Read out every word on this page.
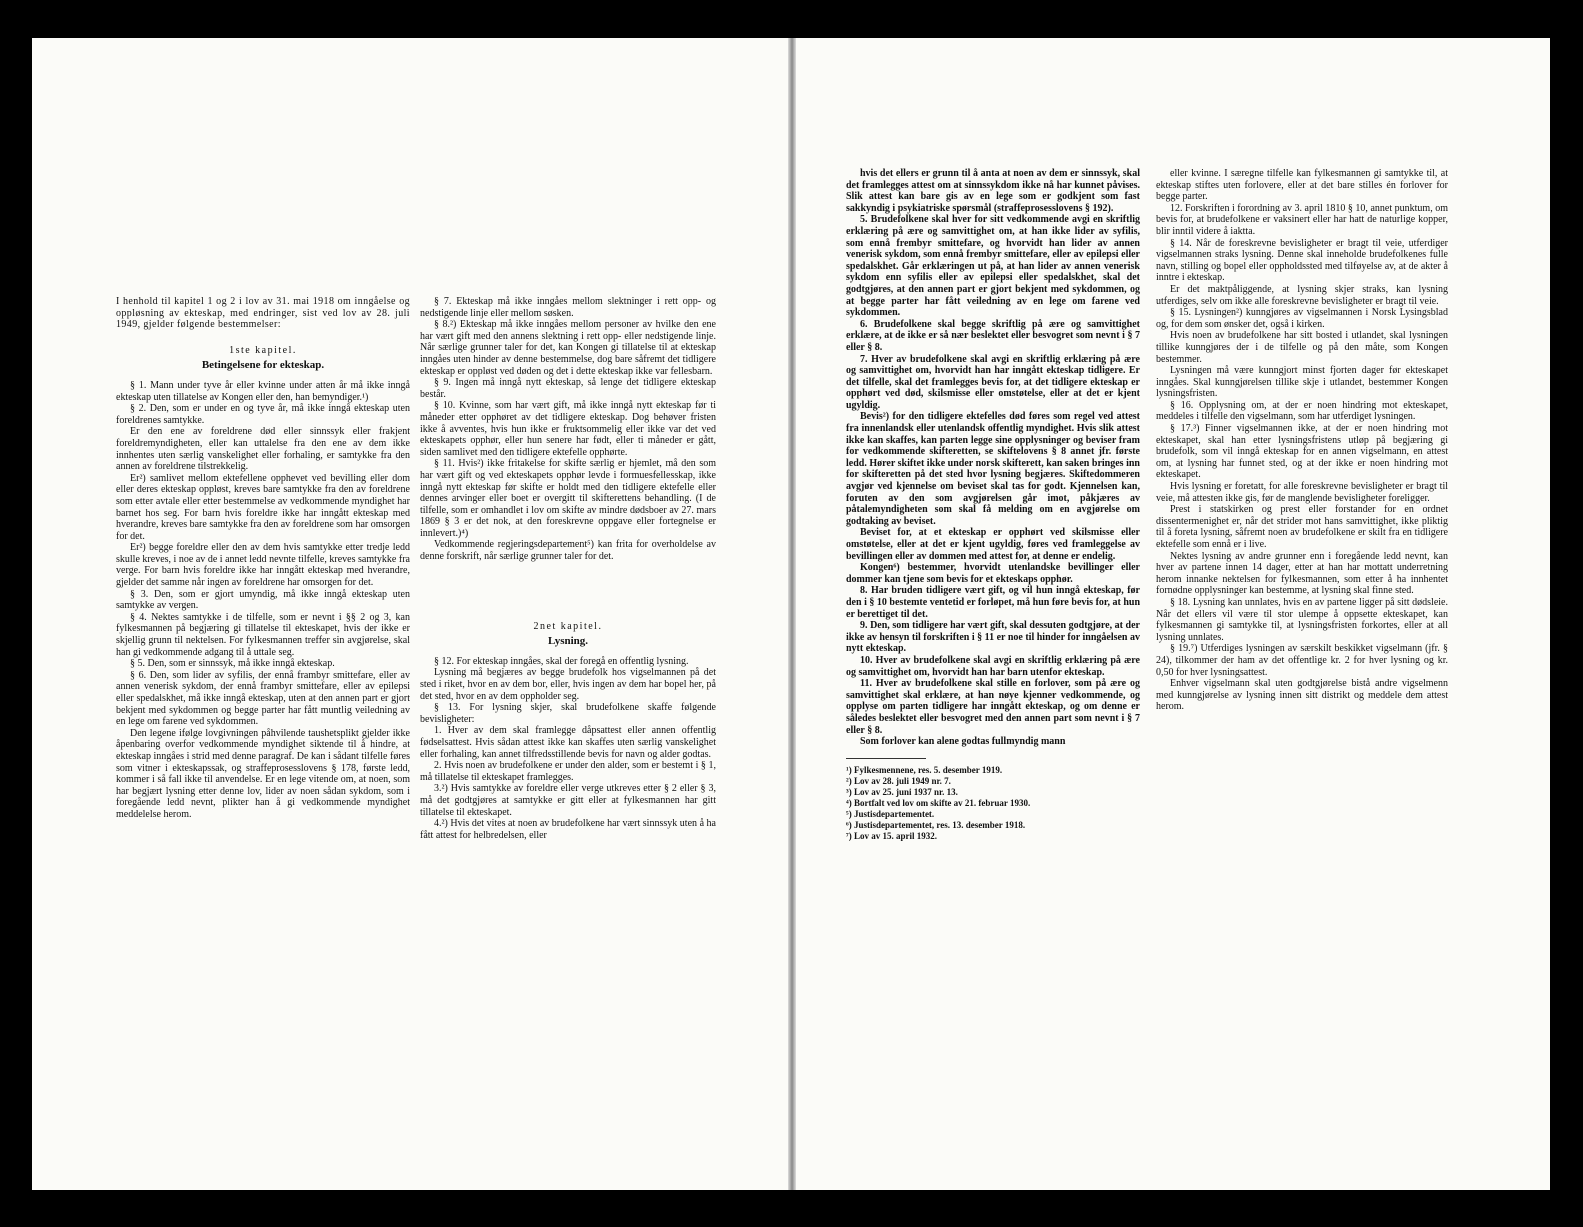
I henhold til kapitel 1 og 2 i lov av 31. mai 1918 om inngåelse og oppløsning av ekteskap, med endringer, sist ved lov av 28. juli 1949, gjelder følgende bestemmelser:

1ste kapitel.

Betingelsene for ekteskap.

§ 1. Mann under tyve år eller kvinne under atten år må ikke inngå ekteskap uten tillatelse av Kongen eller den, han bemyndiger.¹)

§ 2. Den, som er under en og tyve år, må ikke inngå ekteskap uten foreldrenes samtykke.

Er den ene av foreldrene død eller sinnssyk eller frakjent foreldremyndigheten, eller kan uttalelse fra den ene av dem ikke innhentes uten særlig vanskelighet eller forhaling, er samtykke fra den annen av foreldrene tilstrekkelig.

Er²) samlivet mellom ektefellene opphevet ved bevilling eller dom eller deres ekteskap oppløst, kreves bare samtykke fra den av foreldrene som etter avtale eller etter bestemmelse av vedkommende myndighet har barnet hos seg. For barn hvis foreldre ikke har inngått ekteskap med hverandre, kreves bare samtykke fra den av foreldrene som har omsorgen for det.

Er²) begge foreldre eller den av dem hvis samtykke etter tredje ledd skulle kreves, i noe av de i annet ledd nevnte tilfelle, kreves samtykke fra verge. For barn hvis foreldre ikke har inngått ekteskap med hverandre, gjelder det samme når ingen av foreldrene har omsorgen for det.

§ 3. Den, som er gjort umyndig, må ikke inngå ekteskap uten samtykke av vergen.

§ 4. Nektes samtykke i de tilfelle, som er nevnt i §§ 2 og 3, kan fylkesmannen på begjæring gi tillatelse til ekteskapet, hvis der ikke er skjellig grunn til nektelsen. For fylkesmannen treffer sin avgjørelse, skal han gi vedkommende adgang til å uttale seg.

§ 5. Den, som er sinnssyk, må ikke inngå ekteskap.

§ 6. Den, som lider av syfilis, der ennå frambyr smittefare, eller av annen venerisk sykdom, der ennå frambyr smittefare, eller av epilepsi eller spedalskhet, må ikke inngå ekteskap, uten at den annen part er gjort bekjent med sykdommen og begge parter har fått muntlig veiledning av en lege om farene ved sykdommen.

Den legene ifølge lovgivningen påhvilende taushetsplikt gjelder ikke åpenbaring overfor vedkommende myndighet siktende til å hindre, at ekteskap inngåes i strid med denne paragraf. De kan i sådant tilfelle føres som vitner i ekteskapssak, og straffeprosesslovens § 178, første ledd, kommer i så fall ikke til anvendelse. Er en lege vitende om, at noen, som har begjært lysning etter denne lov, lider av noen sådan sykdom, som i foregående ledd nevnt, plikter han å gi vedkommende myndighet meddelelse herom.

§ 7. Ekteskap må ikke inngåes mellom slektninger i rett opp- og nedstigende linje eller mellom søsken.

§ 8.²) Ekteskap må ikke inngåes mellom personer av hvilke den ene har vært gift med den annens slektning i rett opp- eller nedstigende linje. Når særlige grunner taler for det, kan Kongen gi tillatelse til at ekteskap inngåes uten hinder av denne bestemmelse, dog bare såfremt det tidligere ekteskap er oppløst ved døden og det i dette ekteskap ikke var fellesbarn.

§ 9. Ingen må inngå nytt ekteskap, så lenge det tidligere ekteskap består.

§ 10. Kvinne, som har vært gift, må ikke inngå nytt ekteskap før ti måneder etter opphøret av det tidligere ekteskap. Dog behøver fristen ikke å avventes, hvis hun ikke er fruktsommelig eller ikke var det ved ekteskapets opphør, eller hun senere har født, eller ti måneder er gått, siden samlivet med den tidligere ektefelle opphørte.

§ 11. Hvis²) ikke fritakelse for skifte særlig er hjemlet, må den som har vært gift og ved ekteskapets opphør levde i formuesfellesskap, ikke inngå nytt ekteskap før skifte er holdt med den tidligere ektefelle eller dennes arvinger eller boet er overgitt til skifterettens behandling. (I de tilfelle, som er omhandlet i lov om skifte av mindre dødsboer av 27. mars 1869 § 3 er det nok, at den foreskrevne oppgave eller fortegnelse er innlevert.)⁴)

Vedkommende regjeringsdepartement⁵) kan frita for overholdelse av denne forskrift, når særlige grunner taler for det.

2net kapitel.

Lysning.

§ 12. For ekteskap inngåes, skal der foregå en offentlig lysning.

Lysning må begjæres av begge brudefolk hos vigselmannen på det sted i riket, hvor en av dem bor, eller, hvis ingen av dem har bopel her, på det sted, hvor en av dem oppholder seg.

§ 13. For lysning skjer, skal brudefolkene skaffe følgende bevisligheter:

1. Hver av dem skal framlegge dåpsattest eller annen offentlig fødselsattest. Hvis sådan attest ikke kan skaffes uten særlig vanskelighet eller forhaling, kan annet tilfredsstillende bevis for navn og alder godtas.

2. Hvis noen av brudefolkene er under den alder, som er bestemt i § 1, må tillatelse til ekteskapet framlegges.

3.²) Hvis samtykke av foreldre eller verge utkreves etter § 2 eller § 3, må det godtgjøres at samtykke er gitt eller at fylkesmannen har gitt tillatelse til ekteskapet.

4.²) Hvis det vites at noen av brudefolkene har vært sinnssyk uten å ha fått attest for helbredelsen, eller

hvis det ellers er grunn til å anta at noen av dem er sinnssyk, skal det framlegges attest om at sinnssykdom ikke nå har kunnet påvises. Slik attest kan bare gis av en lege som er godkjent som fast sakkyndig i psykiatriske spørsmål (straffeprosesslovens § 192).

5. Brudefolkene skal hver for sitt vedkommende avgi en skriftlig erklæring på ære og samvittighet om, at han ikke lider av syfilis, som ennå frembyr smittefare, og hvorvidt han lider av annen venerisk sykdom, som ennå frembyr smittefare, eller av epilepsi eller spedalskhet. Går erklæringen ut på, at han lider av annen venerisk sykdom enn syfilis eller av epilepsi eller spedalskhet, skal det godtgjøres, at den annen part er gjort bekjent med sykdommen, og at begge parter har fått veiledning av en lege om farene ved sykdommen.

6. Brudefolkene skal begge skriftlig på ære og samvittighet erklære, at de ikke er så nær beslektet eller besvogret som nevnt i § 7 eller § 8.

7. Hver av brudefolkene skal avgi en skriftlig erklæring på ære og samvittighet om, hvorvidt han har inngått ekteskap tidligere. Er det tilfelle, skal det framlegges bevis for, at det tidligere ekteskap er opphørt ved død, skilsmisse eller omstøtelse, eller at det er kjent ugyldig.

Bevis²) for den tidligere ektefelles død føres som regel ved attest fra innenlandsk eller utenlandsk offentlig myndighet. Hvis slik attest ikke kan skaffes, kan parten legge sine opplysninger og beviser fram for vedkommende skifteretten, se skiftelovens § 8 annet jfr. første ledd. Hører skiftet ikke under norsk skifterett, kan saken bringes inn for skifteretten på det sted hvor lysning begjæres. Skiftedommeren avgjør ved kjennelse om beviset skal tas for godt. Kjennelsen kan, foruten av den som avgjørelsen går imot, påkjæres av påtalemyndigheten som skal få melding om en avgjørelse om godtaking av beviset.

Beviset for, at et ekteskap er opphørt ved skilsmisse eller omstøtelse, eller at det er kjent ugyldig, føres ved framleggelse av bevillingen eller av dommen med attest for, at denne er endelig.

Kongen⁶) bestemmer, hvorvidt utenlandske bevillinger eller dommer kan tjene som bevis for et ekteskaps opphør.

8. Har bruden tidligere vært gift, og vil hun inngå ekteskap, før den i § 10 bestemte ventetid er forløpet, må hun føre bevis for, at hun er berettiget til det.

9. Den, som tidligere har vært gift, skal dessuten godtgjøre, at der ikke av hensyn til forskriften i § 11 er noe til hinder for inngåelsen av nytt ekteskap.

10. Hver av brudefolkene skal avgi en skriftlig erklæring på ære og samvittighet om, hvorvidt han har barn utenfor ekteskap.

11. Hver av brudefolkene skal stille en forlover, som på ære og samvittighet skal erklære, at han nøye kjenner vedkommende, og opplyse om parten tidligere har inngått ekteskap, og om denne er således beslektet eller besvogret med den annen part som nevnt i § 7 eller § 8.

Som forlover kan alene godtas fullmyndig mann

¹) Fylkesmennene, res. 5. desember 1919.

²) Lov av 28. juli 1949 nr. 7.

³) Lov av 25. juni 1937 nr. 13.

⁴) Bortfalt ved lov om skifte av 21. februar 1930.

⁵) Justisdepartementet.

⁶) Justisdepartementet, res. 13. desember 1918.

⁷) Lov av 15. april 1932.

eller kvinne. I særegne tilfelle kan fylkesmannen gi samtykke til, at ekteskap stiftes uten forlovere, eller at det bare stilles én forlover for begge parter.

12. Forskriften i forordning av 3. april 1810 § 10, annet punktum, om bevis for, at brudefolkene er vaksinert eller har hatt de naturlige kopper, blir inntil videre å iaktta.

§ 14. Når de foreskrevne bevisligheter er bragt til veie, utferdiger vigselmannen straks lysning. Denne skal inneholde brudefolkenes fulle navn, stilling og bopel eller oppholdssted med tilføyelse av, at de akter å inntre i ekteskap.

Er det maktpåliggende, at lysning skjer straks, kan lysning utferdiges, selv om ikke alle foreskrevne bevisligheter er bragt til veie.

§ 15. Lysningen²) kunngjøres av vigselmannen i Norsk Lysingsblad og, for dem som ønsker det, også i kirken.

Hvis noen av brudefolkene har sitt bosted i utlandet, skal lysningen tillike kunngjøres der i de tilfelle og på den måte, som Kongen bestemmer.

Lysningen må være kunngjort minst fjorten dager før ekteskapet inngåes. Skal kunngjørelsen tillike skje i utlandet, bestemmer Kongen lysningsfristen.

§ 16. Opplysning om, at der er noen hindring mot ekteskapet, meddeles i tilfelle den vigselmann, som har utferdiget lysningen.

§ 17.³) Finner vigselmannen ikke, at der er noen hindring mot ekteskapet, skal han etter lysningsfristens utløp på begjæring gi brudefolk, som vil inngå ekteskap for en annen vigselmann, en attest om, at lysning har funnet sted, og at der ikke er noen hindring mot ekteskapet.

Hvis lysning er foretatt, for alle foreskrevne bevisligheter er bragt til veie, må attesten ikke gis, før de manglende bevisligheter foreligger.

Prest i statskirken og prest eller forstander for en ordnet dissentermenighet er, når det strider mot hans samvittighet, ikke pliktig til å foreta lysning, såfremt noen av brudefolkene er skilt fra en tidligere ektefelle som ennå er i live.

Nektes lysning av andre grunner enn i foregående ledd nevnt, kan hver av partene innen 14 dager, etter at han har mottatt underretning herom innanke nektelsen for fylkesmannen, som etter å ha innhentet fornødne opplysninger kan bestemme, at lysning skal finne sted.

§ 18. Lysning kan unnlates, hvis en av partene ligger på sitt dødsleie. Når det ellers vil være til stor ulempe å oppsette ekteskapet, kan fylkesmannen gi samtykke til, at lysningsfristen forkortes, eller at all lysning unnlates.

§ 19.⁷) Utferdiges lysningen av særskilt beskikket vigselmann (jfr. § 24), tilkommer der ham av det offentlige kr. 2 for hver lysning og kr. 0,50 for hver lysningsattest.

Enhver vigselmann skal uten godtgjørelse bistå andre vigselmenn med kunngjørelse av lysning innen sitt distrikt og meddele dem attest herom.
